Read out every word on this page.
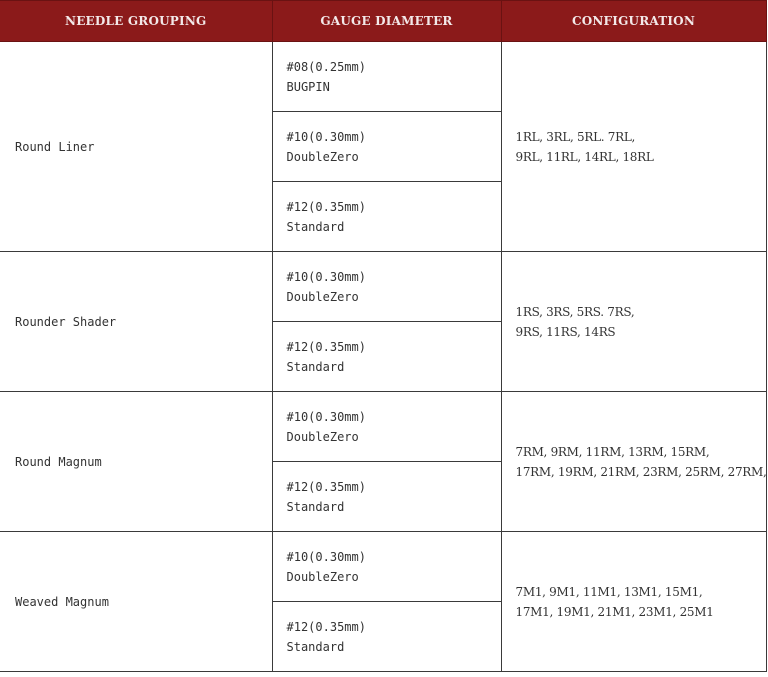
NEEDLE GROUPING	GAUGE DIAMETER	CONFIGURATION
Round Liner	#08(0.25mm)
BUGPIN	1RL, 3RL, 5RL. 7RL,
9RL, 11RL, 14RL, 18RL

	#10(0.30mm)
DoubleZero	

	#12(0.35mm)
Standard	

Rounder Shader	#10(0.30mm)
DoubleZero	1RS, 3RS, 5RS. 7RS,
9RS, 11RS, 14RS

	#12(0.35mm)
Standard	

Round Magnum	#10(0.30mm)
DoubleZero	7RM, 9RM, 11RM, 13RM, 15RM,
17RM, 19RM, 21RM, 23RM, 25RM, 27RM,

	#12(0.35mm)
Standard	

Weaved Magnum	#10(0.30mm)
DoubleZero	7M1, 9M1, 11M1, 13M1, 15M1,
17M1, 19M1, 21M1, 23M1, 25M1

	#12(0.35mm)
Standard	
